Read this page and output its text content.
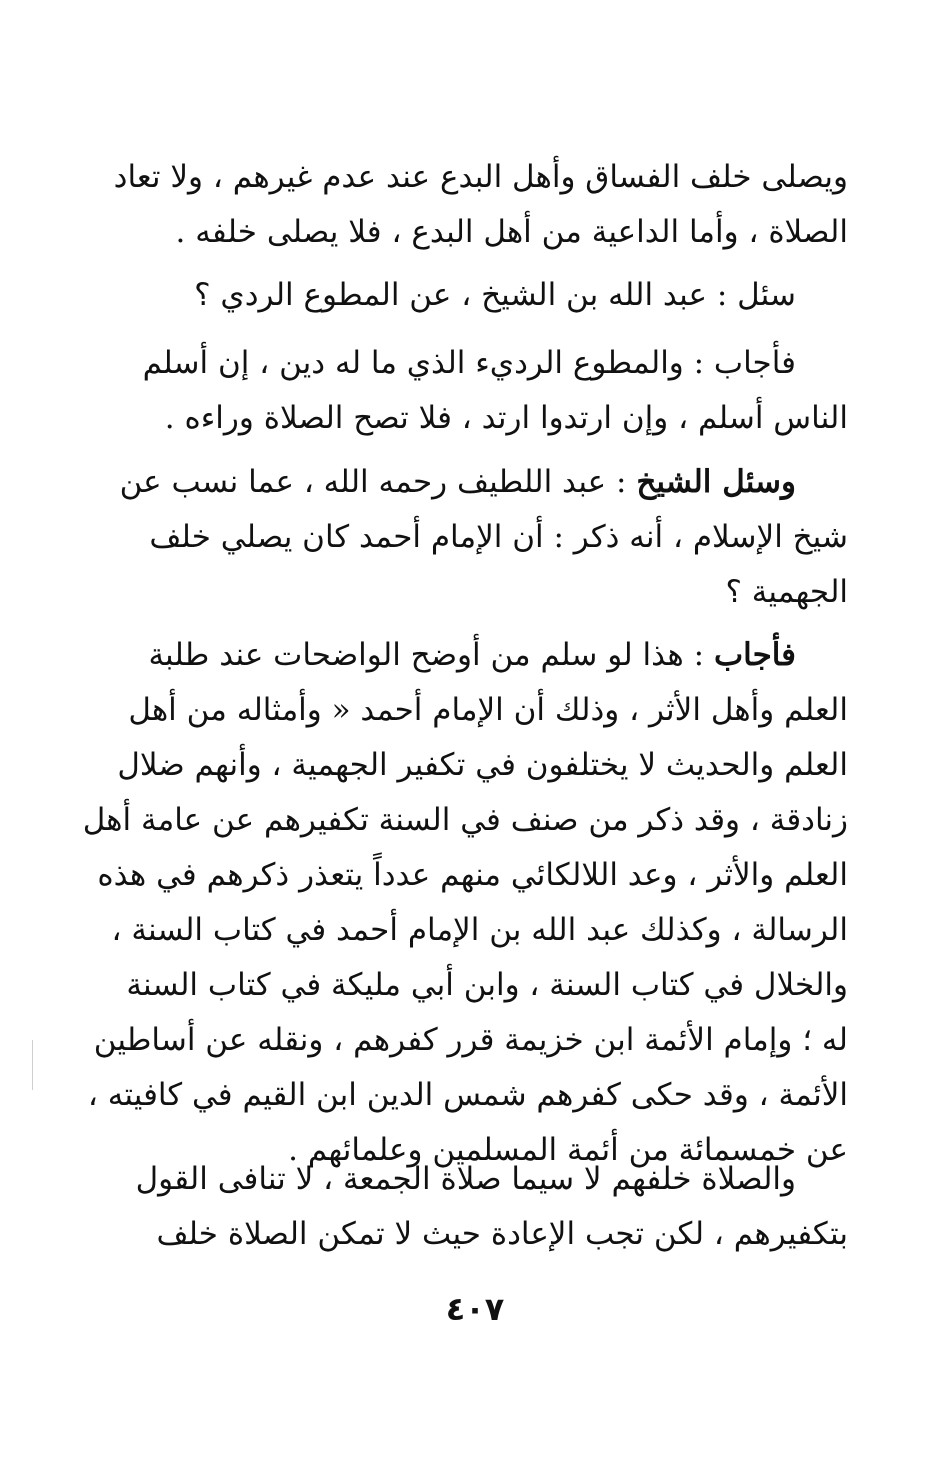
ويصلى خلف الفساق وأهل البدع عند عدم غيرهم ، ولا تعاد
الصلاة ، وأما الداعية من أهل البدع ، فلا يصلى خلفه .
سئل : عبد الله بن الشيخ ، عن المطوع الردي ؟
فأجاب : والمطوع الرديء الذي ما له دين ، إن أسلم
الناس أسلم ، وإن ارتدوا ارتد ، فلا تصح الصلاة وراءه .
وسئل الشيخ : عبد اللطيف رحمه الله ، عما نسب عن
شيخ الإسلام ، أنه ذكر : أن الإمام أحمد كان يصلي خلف
الجهمية ؟
فأجاب : هذا لو سلم من أوضح الواضحات عند طلبة
العلم وأهل الأثر ، وذلك أن الإمام أحمد « وأمثاله من أهل
العلم والحديث لا يختلفون في تكفير الجهمية ، وأنهم ضلال
زنادقة ، وقد ذكر من صنف في السنة تكفيرهم عن عامة أهل
العلم والأثر ، وعد اللالكائي منهم عدداً يتعذر ذكرهم في هذه
الرسالة ، وكذلك عبد الله بن الإمام أحمد في كتاب السنة ،
والخلال في كتاب السنة ، وابن أبي مليكة في كتاب السنة
له ؛ وإمام الأئمة ابن خزيمة قرر كفرهم ، ونقله عن أساطين
الأئمة ، وقد حكى كفرهم شمس الدين ابن القيم في كافيته ،
عن خمسمائة من أئمة المسلمين وعلمائهم .
والصلاة خلفهم لا سيما صلاة الجمعة ، لا تنافى القول
بتكفيرهم ، لكن تجب الإعادة حيث لا تمكن الصلاة خلف
٤٠٧
